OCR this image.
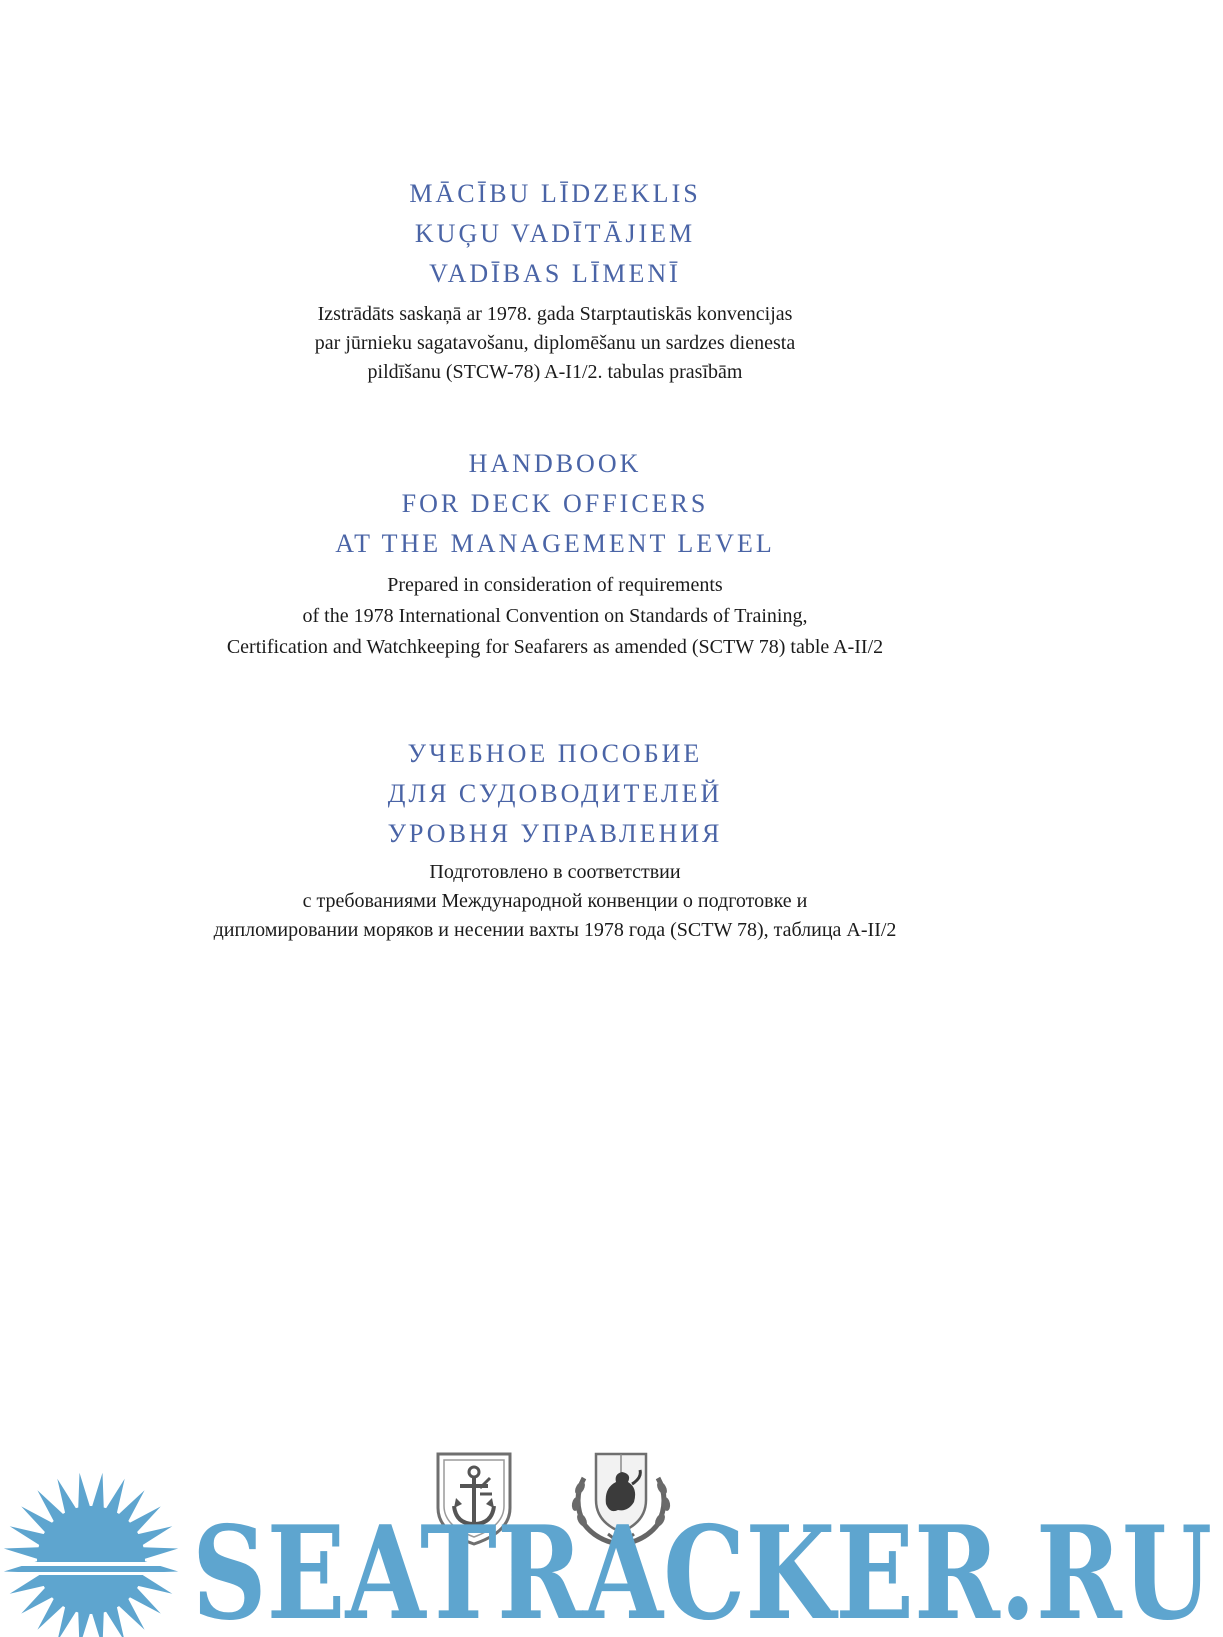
MĀCĪBU LĪDZEKLIS
KUĢU VADĪTĀJIEM
VADĪBAS LĪMENĪ
Izstrādāts saskaņā ar 1978. gada Starptautiskās konvencijas
par jūrnieku sagatavošanu, diplomēšanu un sardzes dienesta
pildīšanu (STCW-78) A-I1/2. tabulas prasībām
HANDBOOK
FOR DECK OFFICERS
AT THE MANAGEMENT LEVEL
Prepared in consideration of requirements
of the 1978 International Convention on Standards of Training,
Certification and Watchkeeping for Seafarers as amended (SCTW 78) table A-II/2
УЧЕБНОЕ ПОСОБИЕ
ДЛЯ СУДОВОДИТЕЛЕЙ
УРОВНЯ УПРАВЛЕНИЯ
Подготовлено в соответствии
с требованиями Международной конвенции о подготовке и
дипломировании моряков и несении вахты 1978 года (SCTW 78), таблица A-II/2
SEATRACKER.RU
